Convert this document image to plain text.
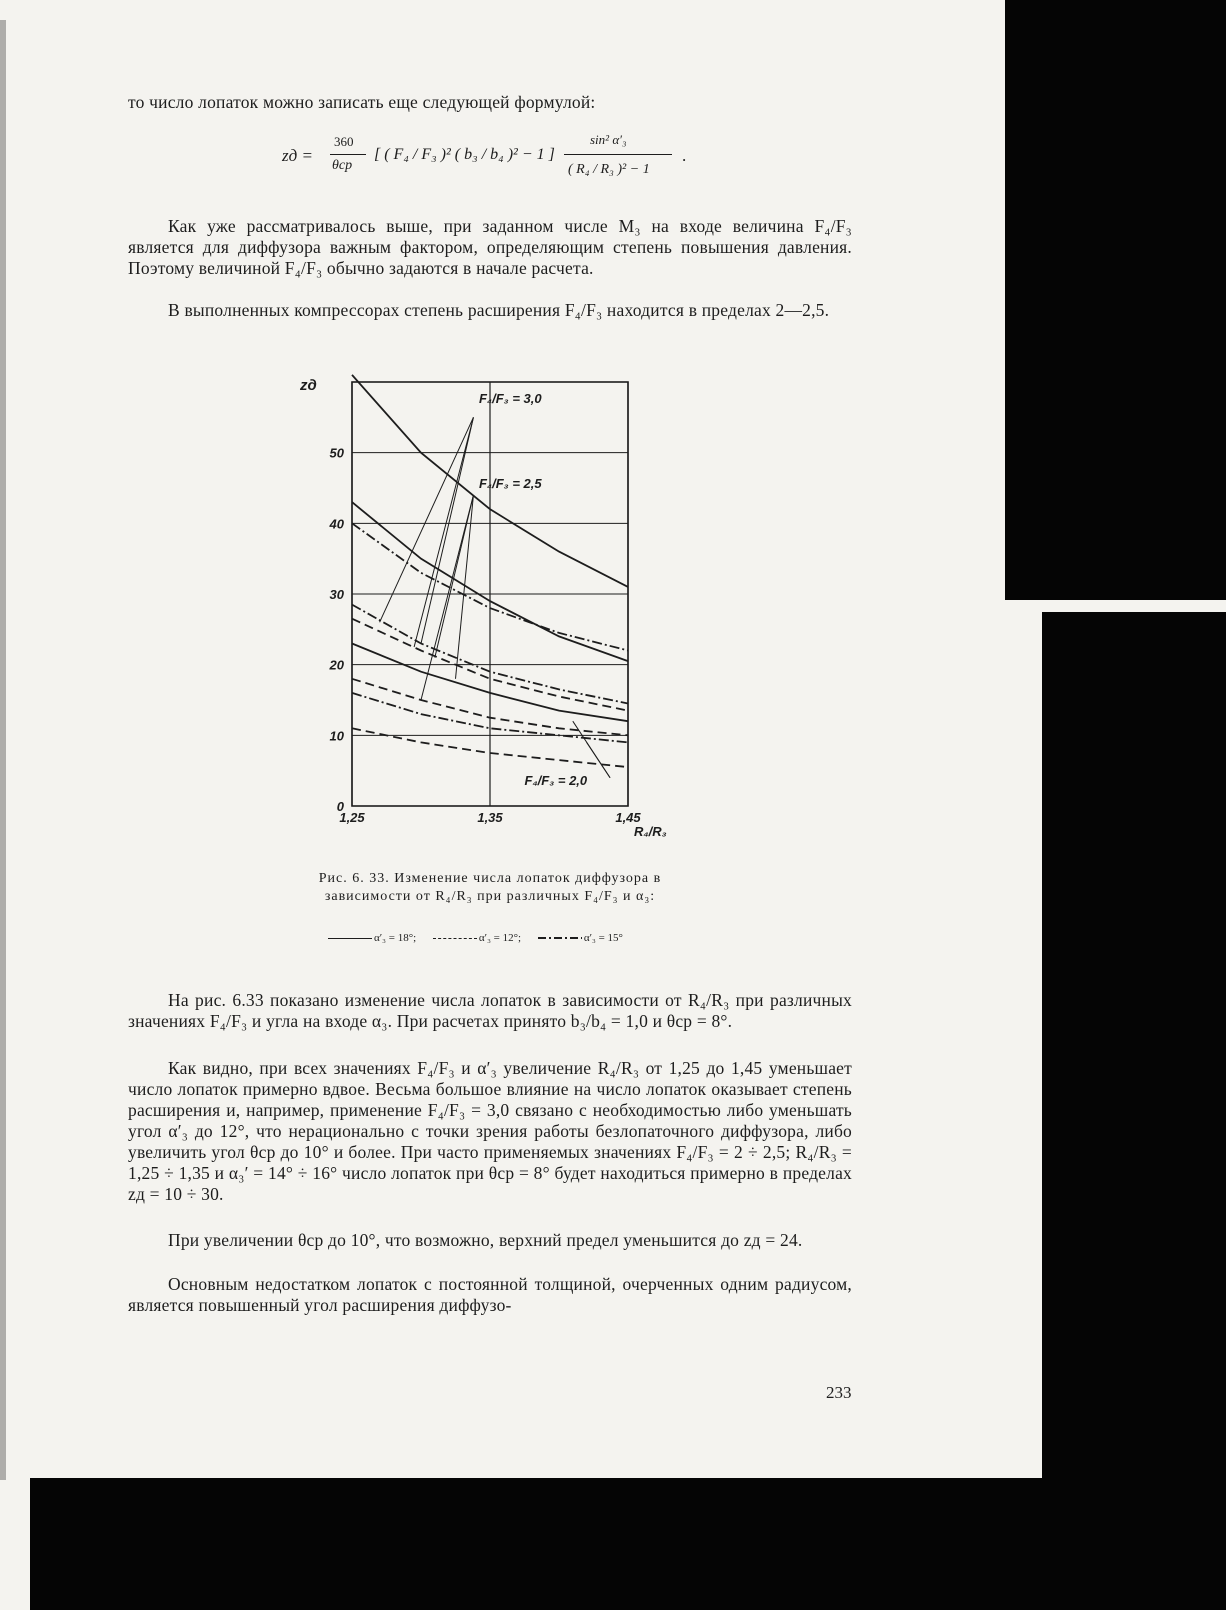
то число лопаток можно записать еще следующей формулой:

zд =
360
θср
[ ( F₄ / F₃ )² ( b₃ / b₄ )² − 1 ]
sin² α′₃
( R₄ / R₃ )² − 1
.

Как уже рассматривалось выше, при заданном числе M₃ на входе величина F₄/F₃ является для диффузора важным фактором, определяющим степень повышения давления. Поэтому величиной F₄/F₃ обычно задаются в начале расчета.

В выполненных компрессорах степень расширения F₄/F₃ находится в пределах 2—2,5.

0
10
20
30
40
50
1,25	1,35	1,45
zд
R₄/R₃
F₄/F₃ = 3,0
F₄/F₃ = 2,5
F₄/F₃ = 2,0

Рис. 6. 33. Изменение числа лопаток диффузора в зависимости от R₄/R₃ при различных F₄/F₃ и α₃:

α′₃ = 18°;	α′₃ = 12°;	α′₃ = 15°

На рис. 6.33 показано изменение числа лопаток в зависимости от R₄/R₃ при различных значениях F₄/F₃ и угла на входе α₃. При расчетах принято b₃/b₄ = 1,0 и θср = 8°.

Как видно, при всех значениях F₄/F₃ и α′₃ увеличение R₄/R₃ от 1,25 до 1,45 уменьшает число лопаток примерно вдвое. Весьма большое влияние на число лопаток оказывает степень расширения и, например, применение F₄/F₃ = 3,0 связано с необходимостью либо уменьшать угол α′₃ до 12°, что нерационально с точки зрения работы безлопаточного диффузора, либо увеличить угол θср до 10° и более. При часто применяемых значениях F₄/F₃ = 2 ÷ 2,5; R₄/R₃ = 1,25 ÷ 1,35 и α₃′ = 14° ÷ 16° число лопаток при θср = 8° будет находиться примерно в пределах zд = 10 ÷ 30.

При увеличении θср до 10°, что возможно, верхний предел уменьшится до zд = 24.

Основным недостатком лопаток с постоянной толщиной, очерченных одним радиусом, является повышенный угол расширения диффузо-

233
